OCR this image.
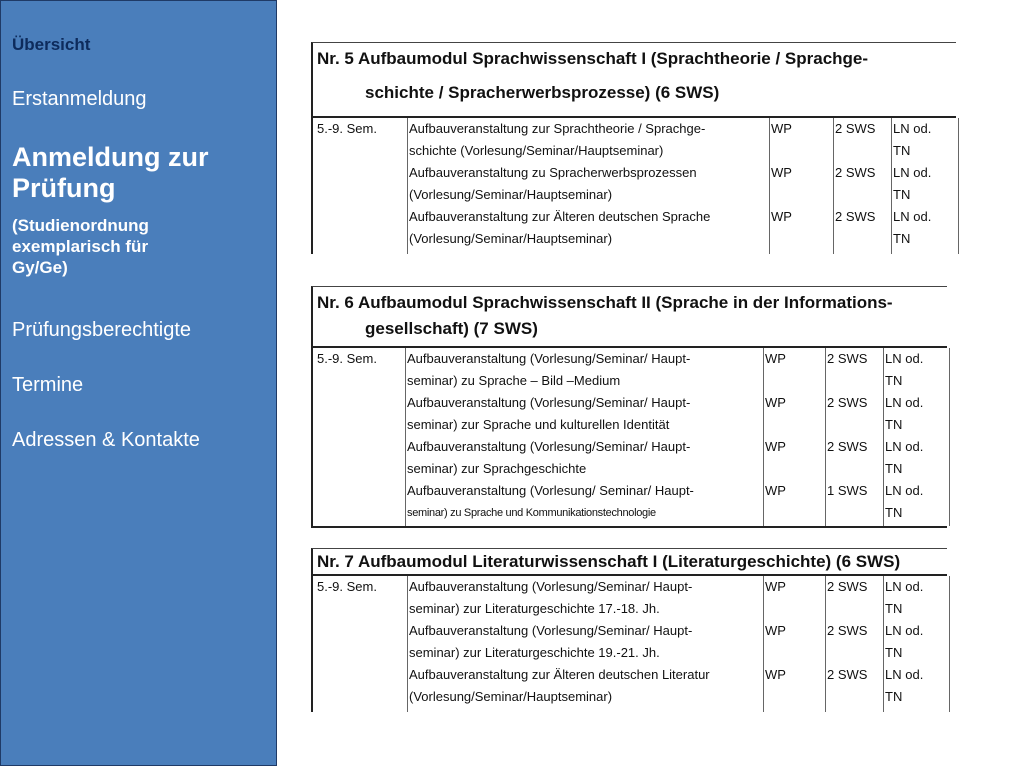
Übersicht
Erstanmeldung
Anmeldung zur
Prüfung
(Studienordnung
exemplarisch für
Gy/Ge)
Prüfungsberechtigte
Termine
Adressen & Kontakte
Nr. 5 Aufbaumodul Sprachwissenschaft I (Sprachtheorie / Sprachge-
schichte / Spracherwerbsprozesse) (6 SWS)
5.-9. Sem. Aufbauveranstaltung zur Sprachtheorie / Sprachge-
schichte (Vorlesung/Seminar/Hauptseminar)
WP	2 SWS LN od.
TN
Aufbauveranstaltung zu Spracherwerbsprozessen
(Vorlesung/Seminar/Hauptseminar)
WP	2 SWS LN od.
TN
Aufbauveranstaltung zur Älteren deutschen Sprache
(Vorlesung/Seminar/Hauptseminar)
WP	2 SWS LN od.
TN
Nr. 6 Aufbaumodul Sprachwissenschaft II (Sprache in der Informations-
gesellschaft) (7 SWS)
5.-9. Sem. Aufbauveranstaltung (Vorlesung/Seminar/ Haupt-
seminar) zu Sprache – Bild –Medium
WP	2 SWS LN od.
TN
Aufbauveranstaltung (Vorlesung/Seminar/ Haupt-
seminar) zur Sprache und kulturellen Identität
WP	2 SWS LN od.
TN
Aufbauveranstaltung (Vorlesung/Seminar/ Haupt-
seminar) zur Sprachgeschichte
WP	2 SWS LN od.
TN
Aufbauveranstaltung (Vorlesung/ Seminar/ Haupt-
seminar) zu Sprache und Kommunikationstechnologie
WP	1 SWS LN od.
TN
Nr. 7 Aufbaumodul Literaturwissenschaft I (Literaturgeschichte) (6 SWS)
5.-9. Sem. Aufbauveranstaltung (Vorlesung/Seminar/ Haupt-
seminar) zur Literaturgeschichte 17.-18. Jh.
WP	2 SWS LN od.
TN
Aufbauveranstaltung (Vorlesung/Seminar/ Haupt-
seminar) zur Literaturgeschichte 19.-21. Jh.
WP	2 SWS LN od.
TN
Aufbauveranstaltung zur Älteren deutschen Literatur
(Vorlesung/Seminar/Hauptseminar)
WP	2 SWS LN od.
TN
